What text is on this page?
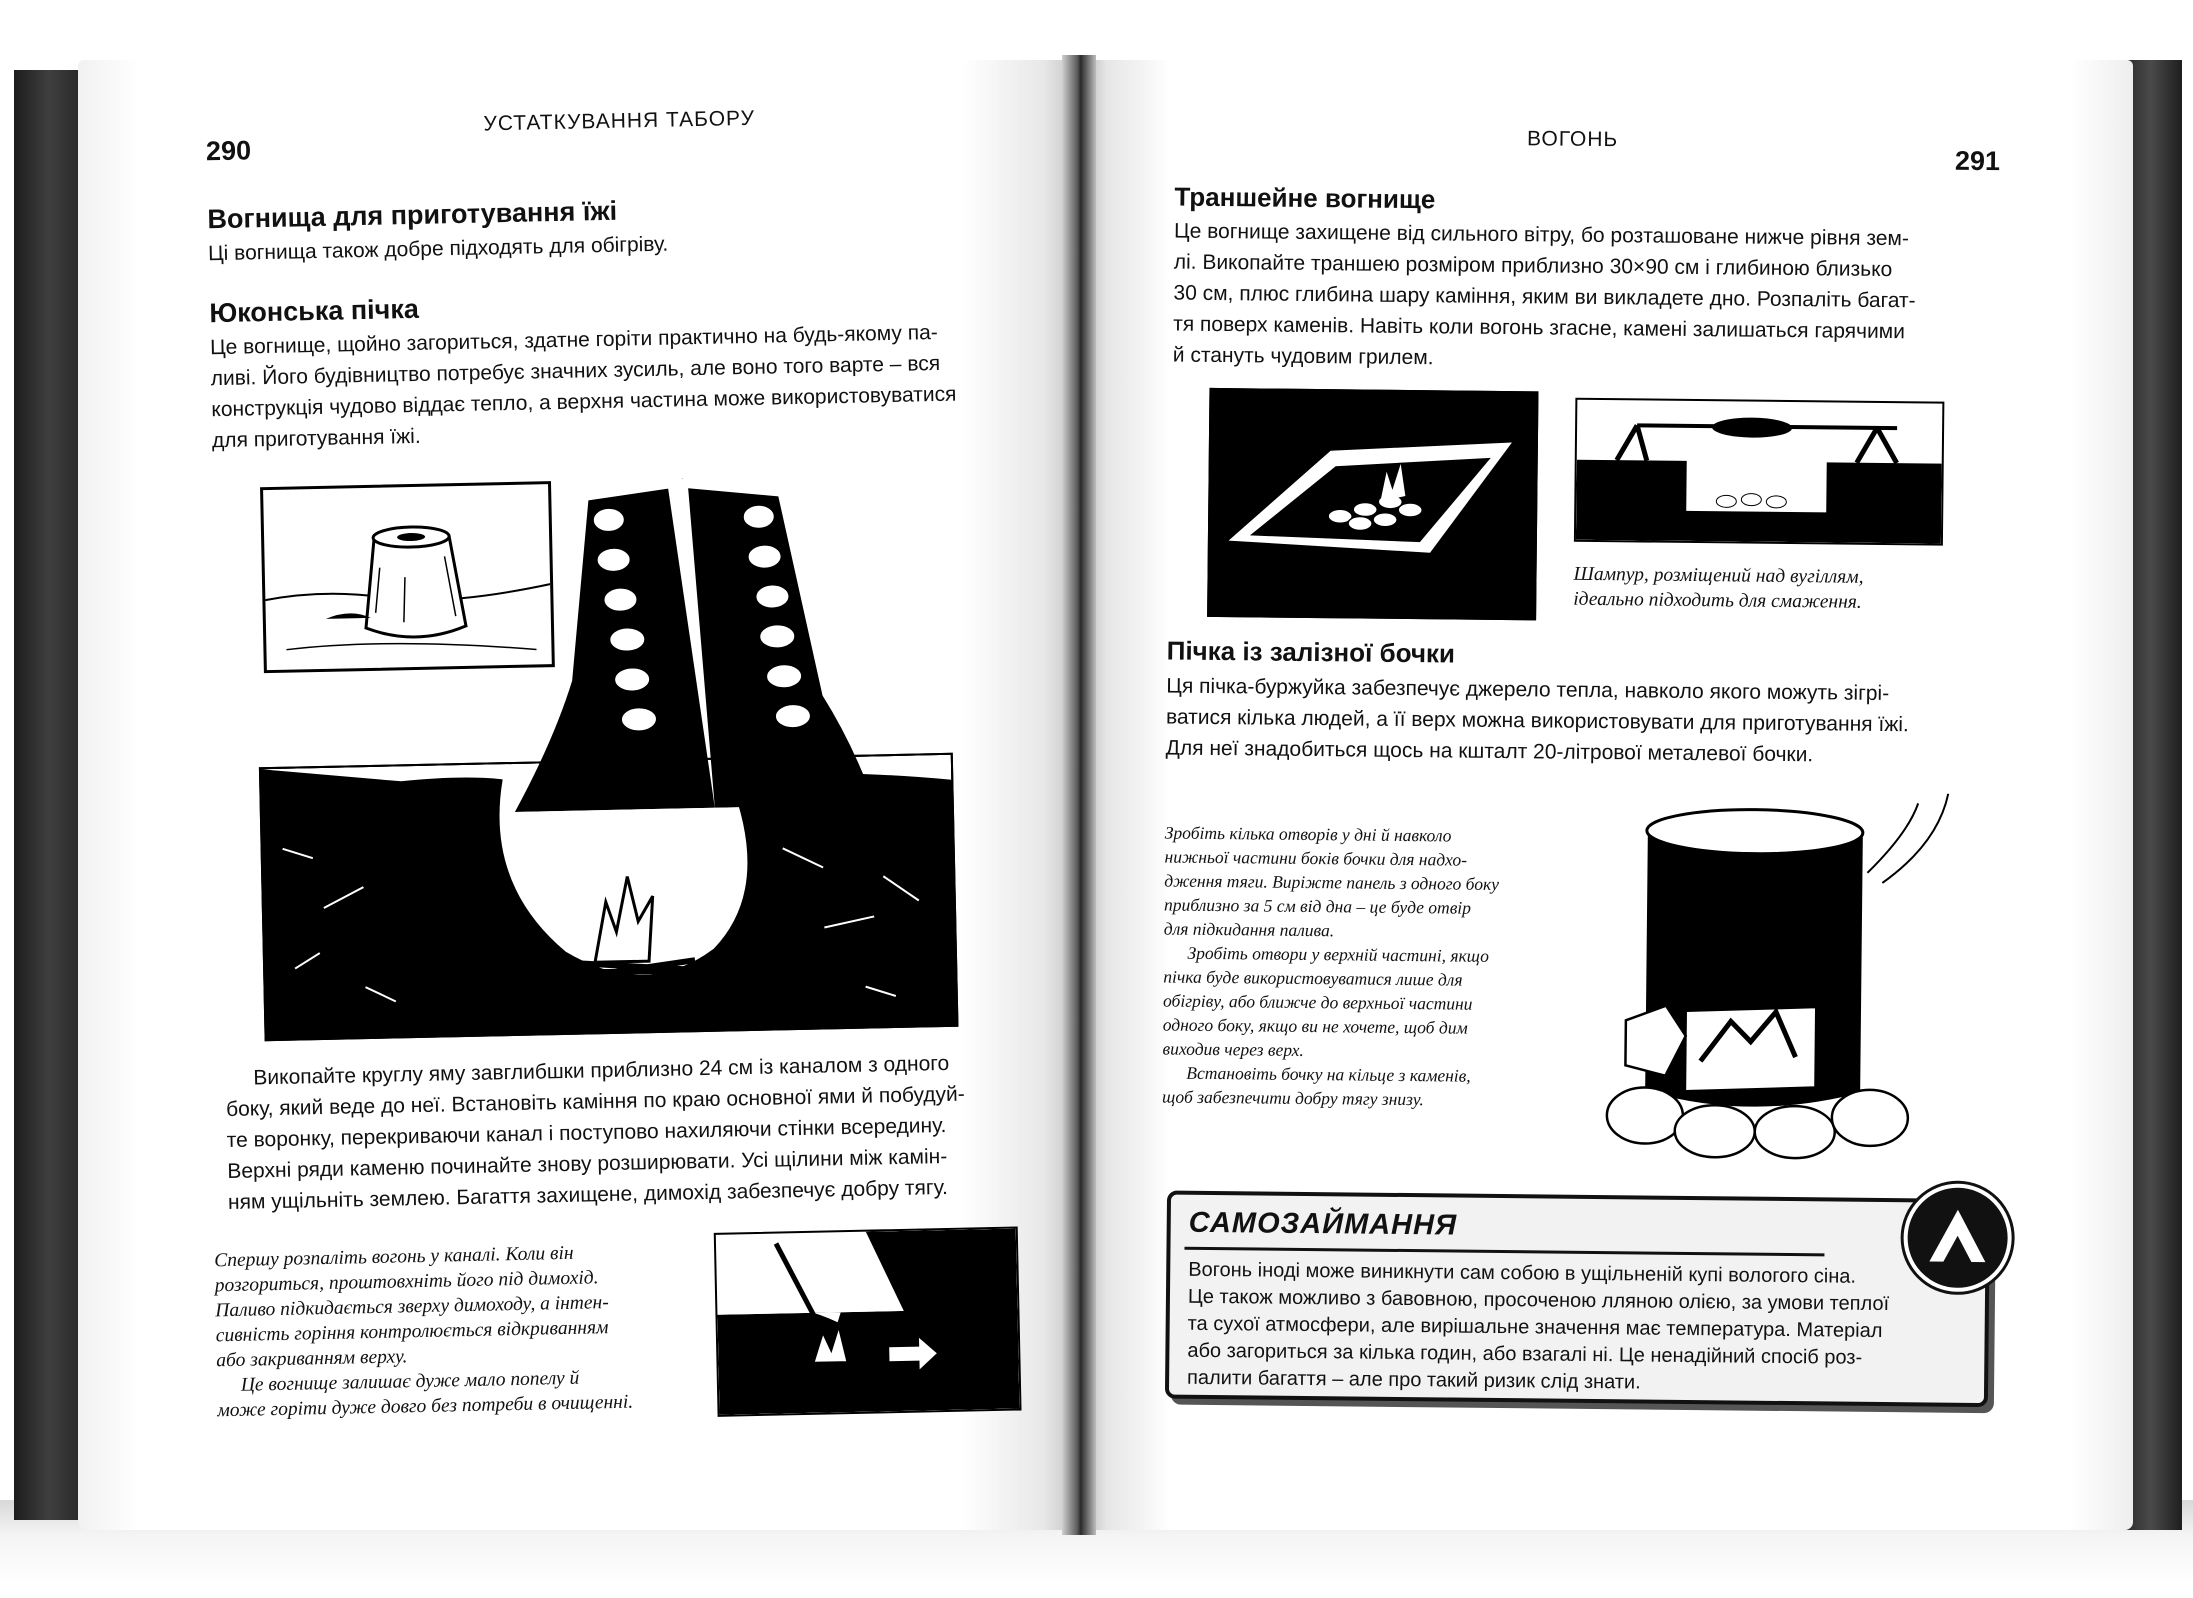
290
УСТАТКУВАННЯ ТАБОРУ
Вогнища для приготування їжі
Ці вогнища також добре підходять для обігріву.
Юконська пічка
Це вогнище, щойно загориться, здатне горіти практично на будь-якому па-
ливі. Його будівництво потребує значних зусиль, але воно того варте – вся
конструкція чудово віддає тепло, а верхня частина може використовуватися
для приготування їжі.
Викопайте круглу яму завглибшки приблизно 24 см із каналом з одного
боку, який веде до неї. Встановіть каміння по краю основної ями й побудуй-
те воронку, перекриваючи канал і поступово нахиляючи стінки всередину.
Верхні ряди каменю починайте знову розширювати. Усі щілини між камін-
ням ущільніть землею. Багаття захищене, димохід забезпечує добру тягу.
Спершу розпаліть вогонь у каналі. Коли він
розгориться, проштовхніть його під димохід.
Паливо підкидається зверху димоходу, а інтен-
сивність горіння контролюється відкриванням
або закриванням верху.
Це вогнище залишає дуже мало попелу й
може горіти дуже довго без потреби в очищенні.
ВОГОНЬ
291
Траншейне вогнище
Це вогнище захищене від сильного вітру, бо розташоване нижче рівня зем-
лі. Викопайте траншею розміром приблизно 30×90 см і глибиною близько
30 см, плюс глибина шару каміння, яким ви викладете дно. Розпаліть багат-
тя поверх каменів. Навіть коли вогонь згасне, камені залишаться гарячими
й стануть чудовим грилем.
Шампур, розміщений над вугіллям,
ідеально підходить для смаження.
Пічка із залізної бочки
Ця пічка-буржуйка забезпечує джерело тепла, навколо якого можуть зігрі-
ватися кілька людей, а її верх можна використовувати для приготування їжі.
Для неї знадобиться щось на кшталт 20-літрової металевої бочки.
Зробіть кілька отворів у дні й навколо
нижньої частини боків бочки для надхо-
дження тяги. Виріжте панель з одного боку
приблизно за 5 см від дна – це буде отвір
для підкидання палива.
Зробіть отвори у верхній частині, якщо
пічка буде використовуватися лише для
обігріву, або ближче до верхньої частини
одного боку, якщо ви не хочете, щоб дим
виходив через верх.
Встановіть бочку на кільце з каменів,
щоб забезпечити добру тягу знизу.
САМОЗАЙМАННЯ
Вогонь іноді може виникнути сам собою в ущільненій купі вологого сіна.
Це також можливо з бавовною, просоченою лляною олією, за умови теплої
та сухої атмосфери, але вирішальне значення має температура. Матеріал
або загориться за кілька годин, або взагалі ні. Це ненадійний спосіб роз-
палити багаття – але про такий ризик слід знати.
